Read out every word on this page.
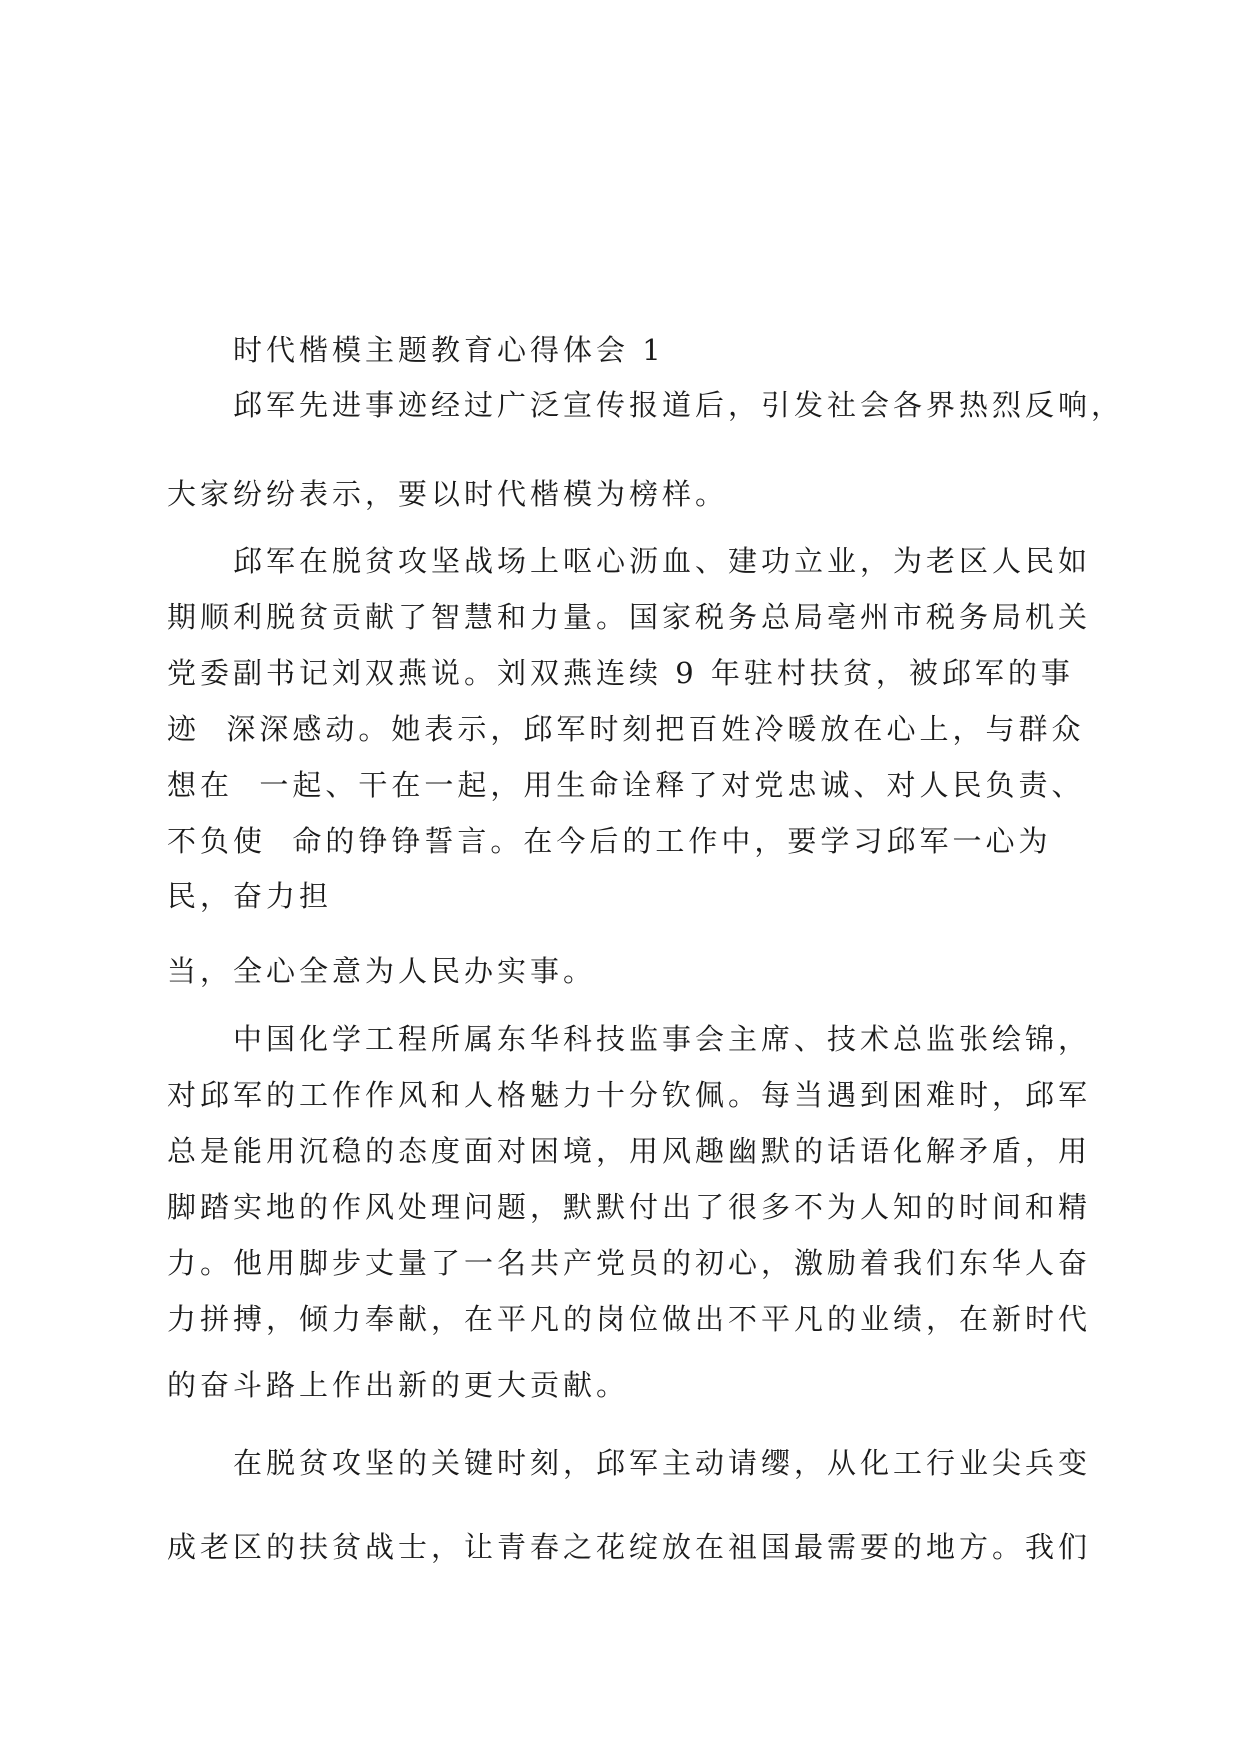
时代楷模主题教育心得体会 1

邱军先进事迹经过广泛宣传报道后，引发社会各界热烈反响，

大家纷纷表示，要以时代楷模为榜样。

邱军在脱贫攻坚战场上呕心沥血、建功立业，为老区人民如

期顺利脱贫贡献了智慧和力量。国家税务总局亳州市税务局机关

党委副书记刘双燕说。刘双燕连续 9 年驻村扶贫，被邱军的事

迹  深深感动。她表示，邱军时刻把百姓冷暖放在心上，与群众

想在  一起、干在一起，用生命诠释了对党忠诚、对人民负责、

不负使  命的铮铮誓言。在今后的工作中，要学习邱军一心为

民，奋力担

当，全心全意为人民办实事。

中国化学工程所属东华科技监事会主席、技术总监张绘锦，

对邱军的工作作风和人格魅力十分钦佩。每当遇到困难时，邱军

总是能用沉稳的态度面对困境，用风趣幽默的话语化解矛盾，用

脚踏实地的作风处理问题，默默付出了很多不为人知的时间和精

力。他用脚步丈量了一名共产党员的初心，激励着我们东华人奋

力拼搏，倾力奉献，在平凡的岗位做出不平凡的业绩，在新时代

的奋斗路上作出新的更大贡献。

在脱贫攻坚的关键时刻，邱军主动请缨，从化工行业尖兵变

成老区的扶贫战士，让青春之花绽放在祖国最需要的地方。我们
